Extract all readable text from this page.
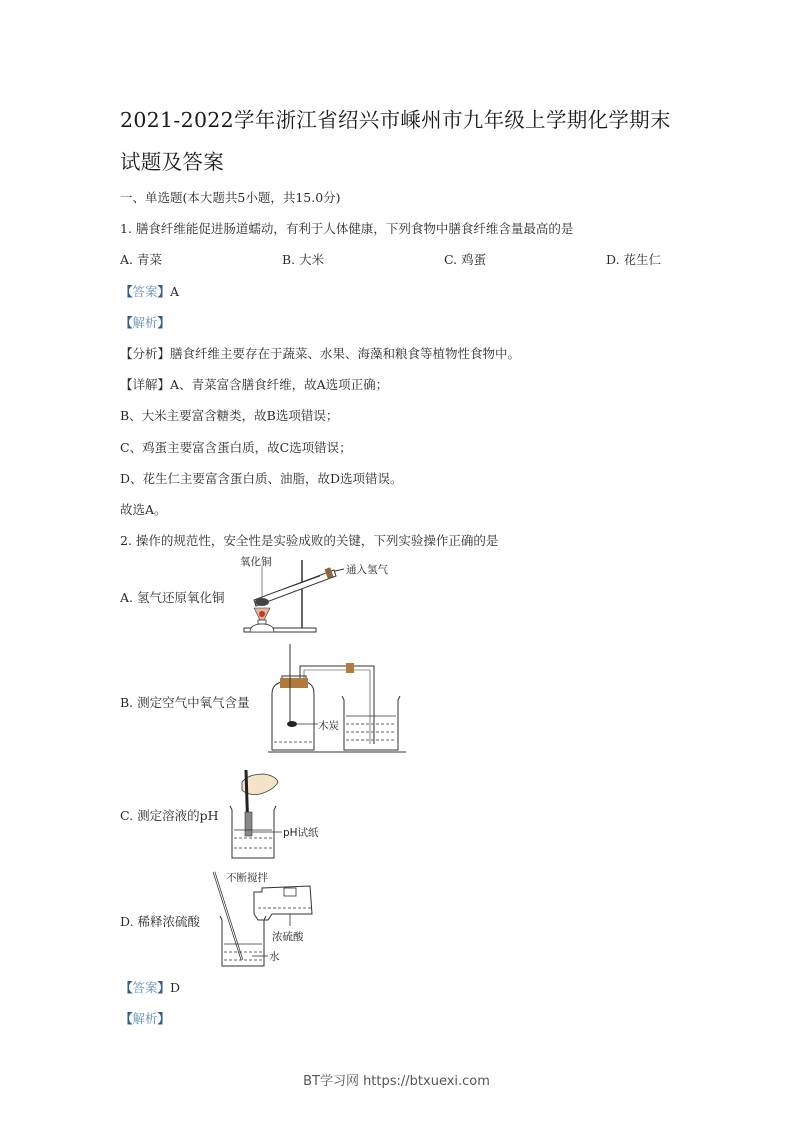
2021-2022学年浙江省绍兴市嵊州市九年级上学期化学期末
试题及答案
一、单选题(本大题共5小题，共15.0分)
1. 膳食纤维能促进肠道蠕动，有利于人体健康，下列食物中膳食纤维含量最高的是
A. 青菜	B. 大米	C. 鸡蛋	D. 花生仁
【答案】A
【解析】
【分析】膳食纤维主要存在于蔬菜、水果、海藻和粮食等植物性食物中。
【详解】A、青菜富含膳食纤维，故A选项正确；
B、大米主要富含糖类，故B选项错误；
C、鸡蛋主要富含蛋白质，故C选项错误；
D、花生仁主要富含蛋白质、油脂，故D选项错误。
故选A。
2. 操作的规范性，安全性是实验成败的关键，下列实验操作正确的是
A. 氢气还原氧化铜
氧化铜
通入氢气
B. 测定空气中氧气含量
木炭
C. 测定溶液的pH
pH试纸
D. 稀释浓硫酸
不断搅拌
浓硫酸
水
【答案】D
【解析】
BT学习网 https://btxuexi.com
